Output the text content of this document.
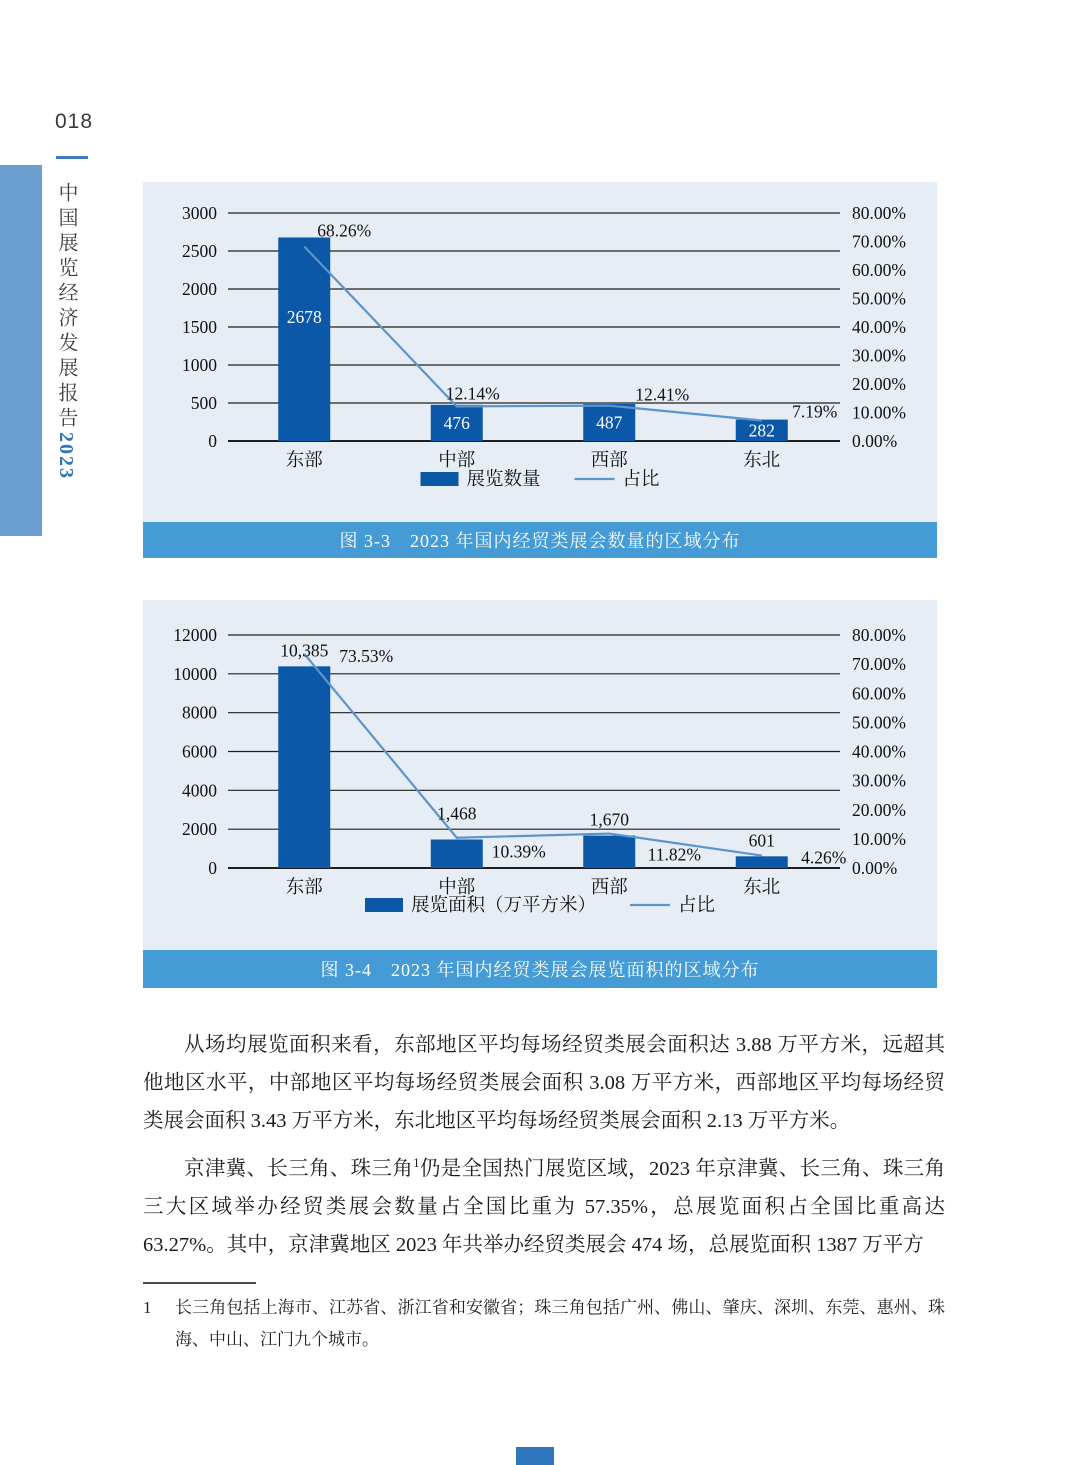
018
中国展览经济发展报告2023
3000
2500
2000
1500
1000
500
0
80.00%
70.00%
60.00%
50.00%
40.00%
30.00%
20.00%
10.00%
0.00%
2678
476	487	282
68.26%
12.14%	12.41%
7.19%
东部	中部	西部	东北
展览数量	占比
图 3-3　2023 年国内经贸类展会数量的区域分布
12000
10000
8000
6000
4000
2000
0
80.00%
70.00%
60.00%
50.00%
40.00%
30.00%
20.00%
10.00%
0.00%
10,385
1,468	1,670
601
73.53%
10.39%	11.82%	4.26%
东部	中部	西部	东北
展览面积（万平方米）	占比
图 3-4　2023 年国内经贸类展会展览面积的区域分布

从场均展览面积来看，东部地区平均每场经贸类展会面积达 3.88 万平方米，远超其他地区水平，中部地区平均每场经贸类展会面积 3.08 万平方米，西部地区平均每场经贸类展会面积 3.43 万平方米，东北地区平均每场经贸类展会面积 2.13 万平方米。

京津冀、长三角、珠三角$^1$仍是全国热门展览区域，2023 年京津冀、长三角、珠三角三大区域举办经贸类展会数量占全国比重为 57.35%，总展览面积占全国比重高达 63.27%。其中，京津冀地区 2023 年共举办经贸类展会 474 场，总展览面积 1387 万平方

1	长三角包括上海市、江苏省、浙江省和安徽省；珠三角包括广州、佛山、肇庆、深圳、东莞、惠州、珠海、中山、江门九个城市。
